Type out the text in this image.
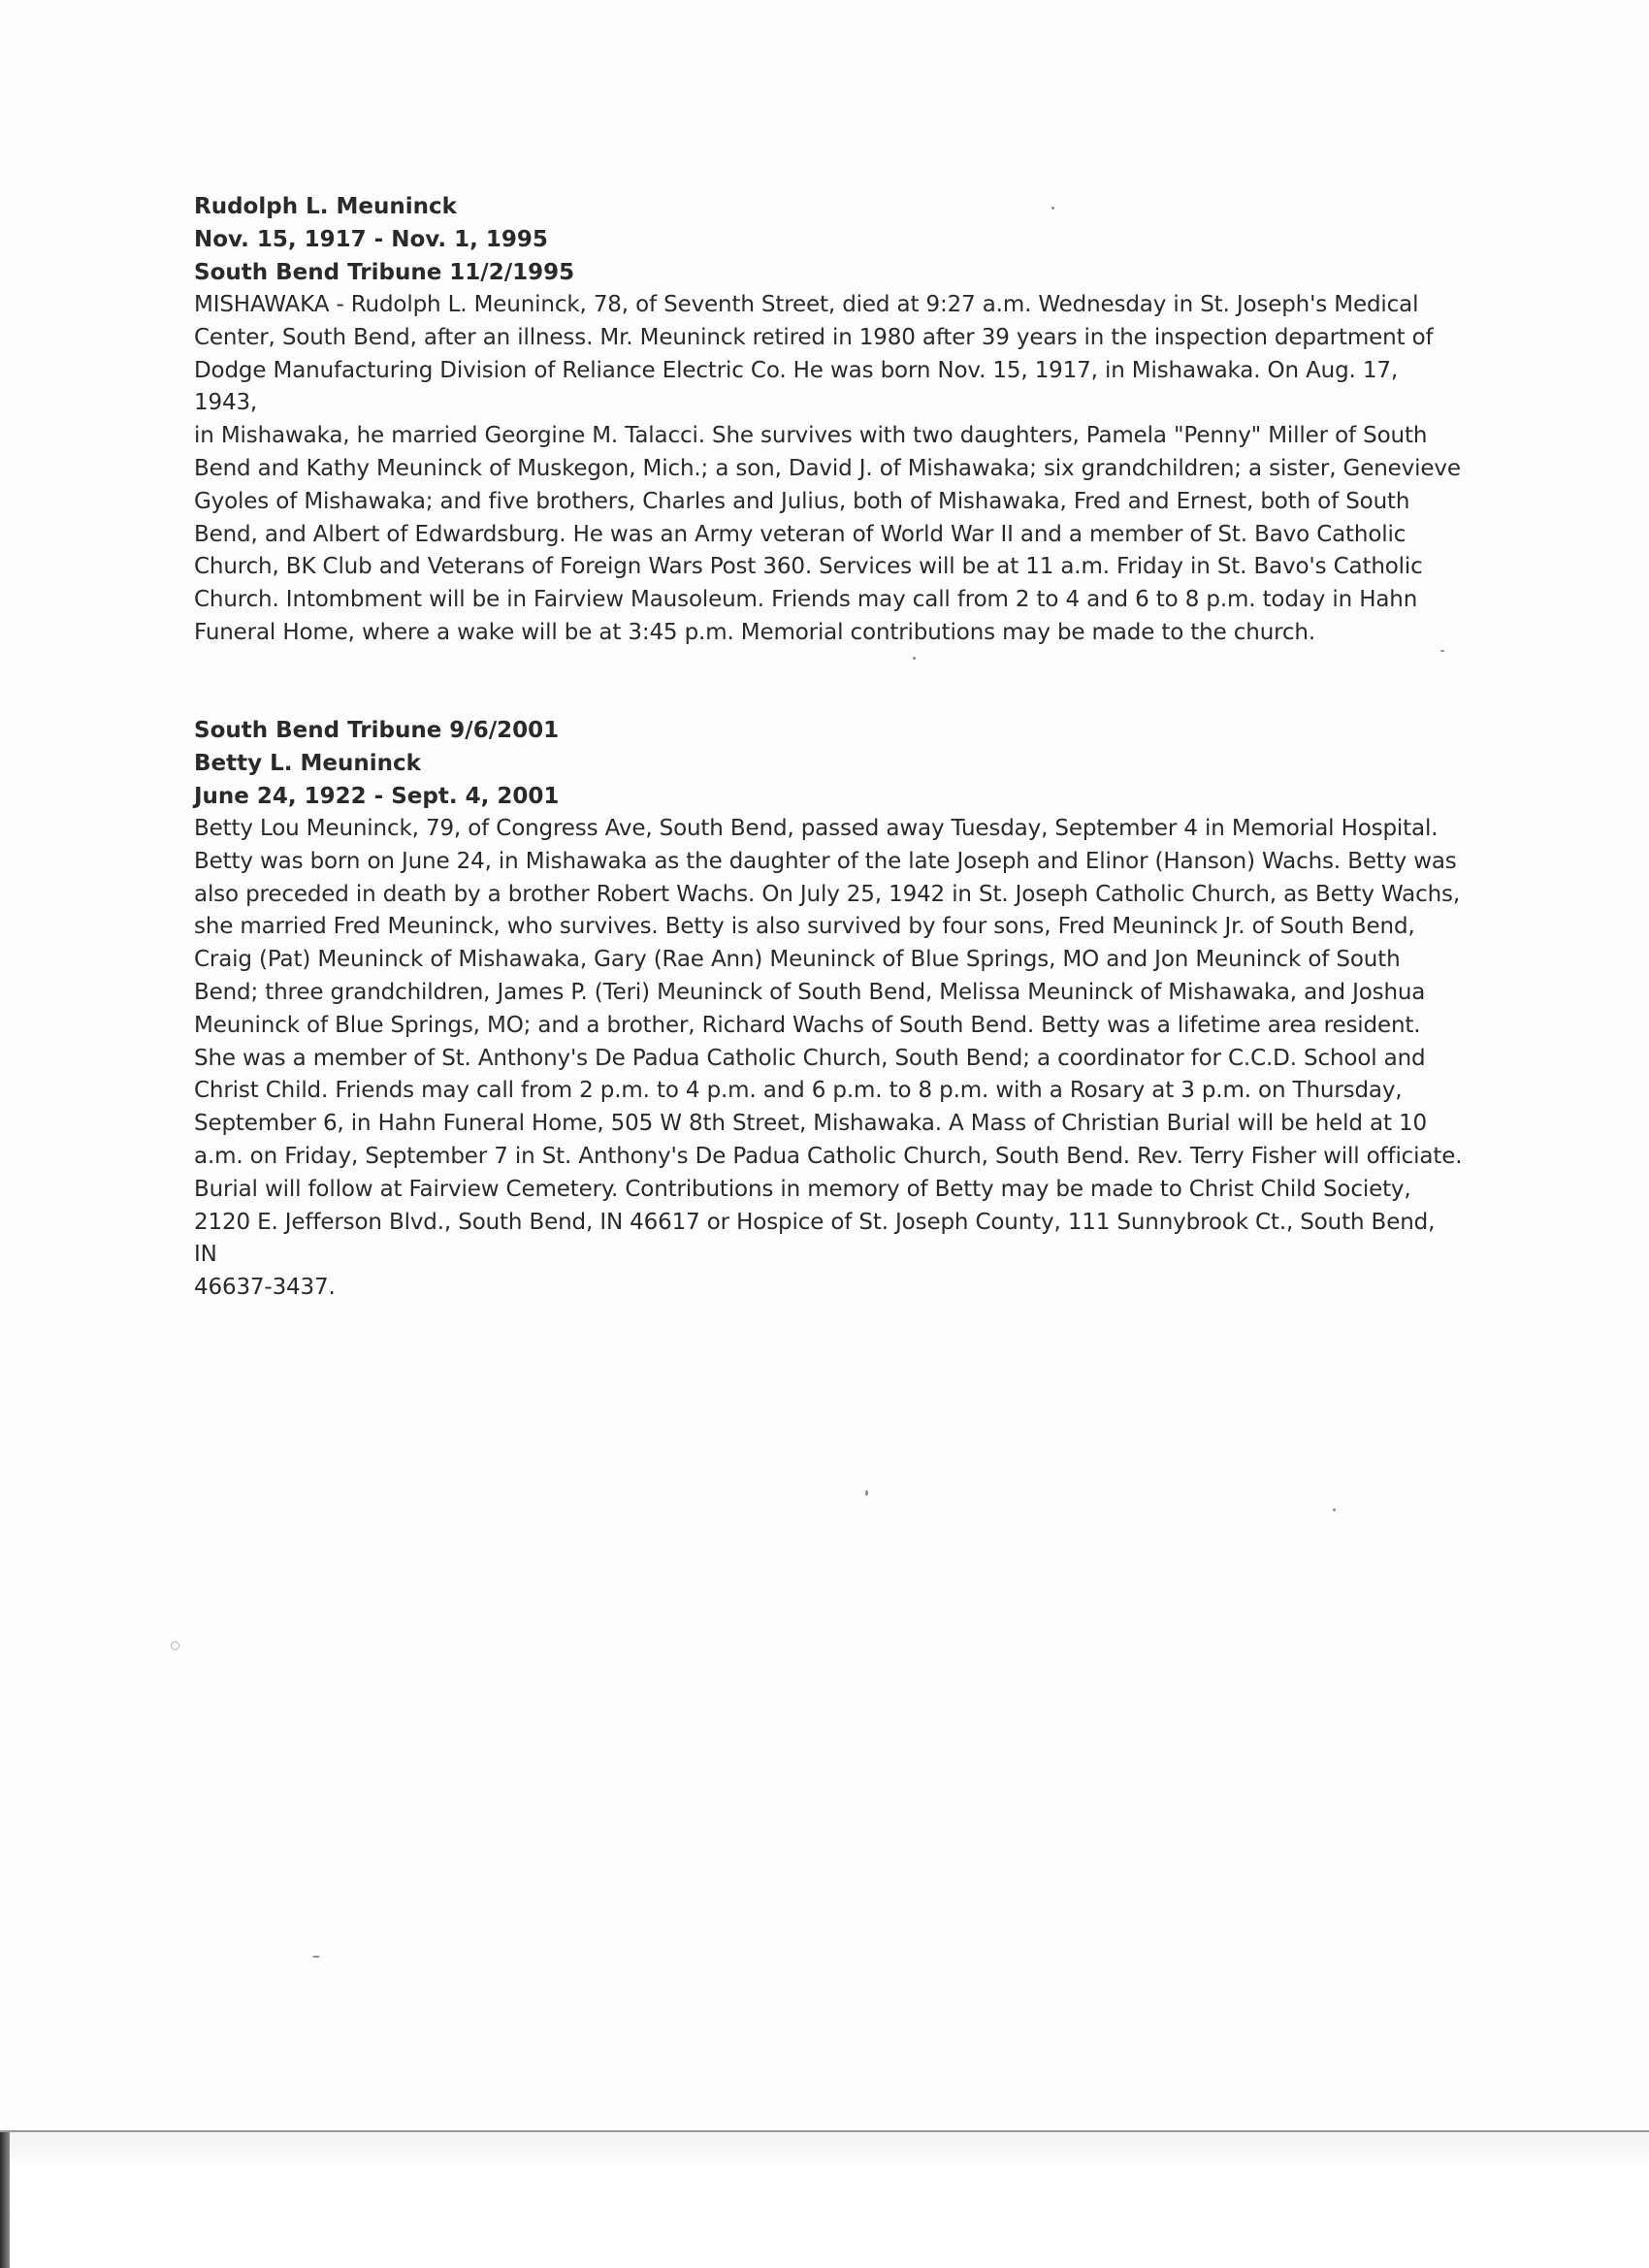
Rudolph L. Meuninck

Nov. 15, 1917 - Nov. 1, 1995

South Bend Tribune 11/2/1995

MISHAWAKA - Rudolph L. Meuninck, 78, of Seventh Street, died at 9:27 a.m. Wednesday in St. Joseph's Medical

Center, South Bend, after an illness. Mr. Meuninck retired in 1980 after 39 years in the inspection department of

Dodge Manufacturing Division of Reliance Electric Co. He was born Nov. 15, 1917, in Mishawaka. On Aug. 17, 1943,

in Mishawaka, he married Georgine M. Talacci. She survives with two daughters, Pamela "Penny" Miller of South

Bend and Kathy Meuninck of Muskegon, Mich.; a son, David J. of Mishawaka; six grandchildren; a sister, Genevieve

Gyoles of Mishawaka; and five brothers, Charles and Julius, both of Mishawaka, Fred and Ernest, both of South

Bend, and Albert of Edwardsburg. He was an Army veteran of World War II and a member of St. Bavo Catholic

Church, BK Club and Veterans of Foreign Wars Post 360. Services will be at 11 a.m. Friday in St. Bavo's Catholic

Church. Intombment will be in Fairview Mausoleum. Friends may call from 2 to 4 and 6 to 8 p.m. today in Hahn

Funeral Home, where a wake will be at 3:45 p.m. Memorial contributions may be made to the church.

South Bend Tribune 9/6/2001

Betty L. Meuninck

June 24, 1922 - Sept. 4, 2001

Betty Lou Meuninck, 79, of Congress Ave, South Bend, passed away Tuesday, September 4 in Memorial Hospital.

Betty was born on June 24, in Mishawaka as the daughter of the late Joseph and Elinor (Hanson) Wachs. Betty was

also preceded in death by a brother Robert Wachs. On July 25, 1942 in St. Joseph Catholic Church, as Betty Wachs,

she married Fred Meuninck, who survives. Betty is also survived by four sons, Fred Meuninck Jr. of South Bend,

Craig (Pat) Meuninck of Mishawaka, Gary (Rae Ann) Meuninck of Blue Springs, MO and Jon Meuninck of South

Bend; three grandchildren, James P. (Teri) Meuninck of South Bend, Melissa Meuninck of Mishawaka, and Joshua

Meuninck of Blue Springs, MO; and a brother, Richard Wachs of South Bend. Betty was a lifetime area resident.

She was a member of St. Anthony's De Padua Catholic Church, South Bend; a coordinator for C.C.D. School and

Christ Child. Friends may call from 2 p.m. to 4 p.m. and 6 p.m. to 8 p.m. with a Rosary at 3 p.m. on Thursday,

September 6, in Hahn Funeral Home, 505 W 8th Street, Mishawaka. A Mass of Christian Burial will be held at 10

a.m. on Friday, September 7 in St. Anthony's De Padua Catholic Church, South Bend. Rev. Terry Fisher will officiate.

Burial will follow at Fairview Cemetery. Contributions in memory of Betty may be made to Christ Child Society,

2120 E. Jefferson Blvd., South Bend, IN 46617 or Hospice of St. Joseph County, 111 Sunnybrook Ct., South Bend, IN

46637-3437.
